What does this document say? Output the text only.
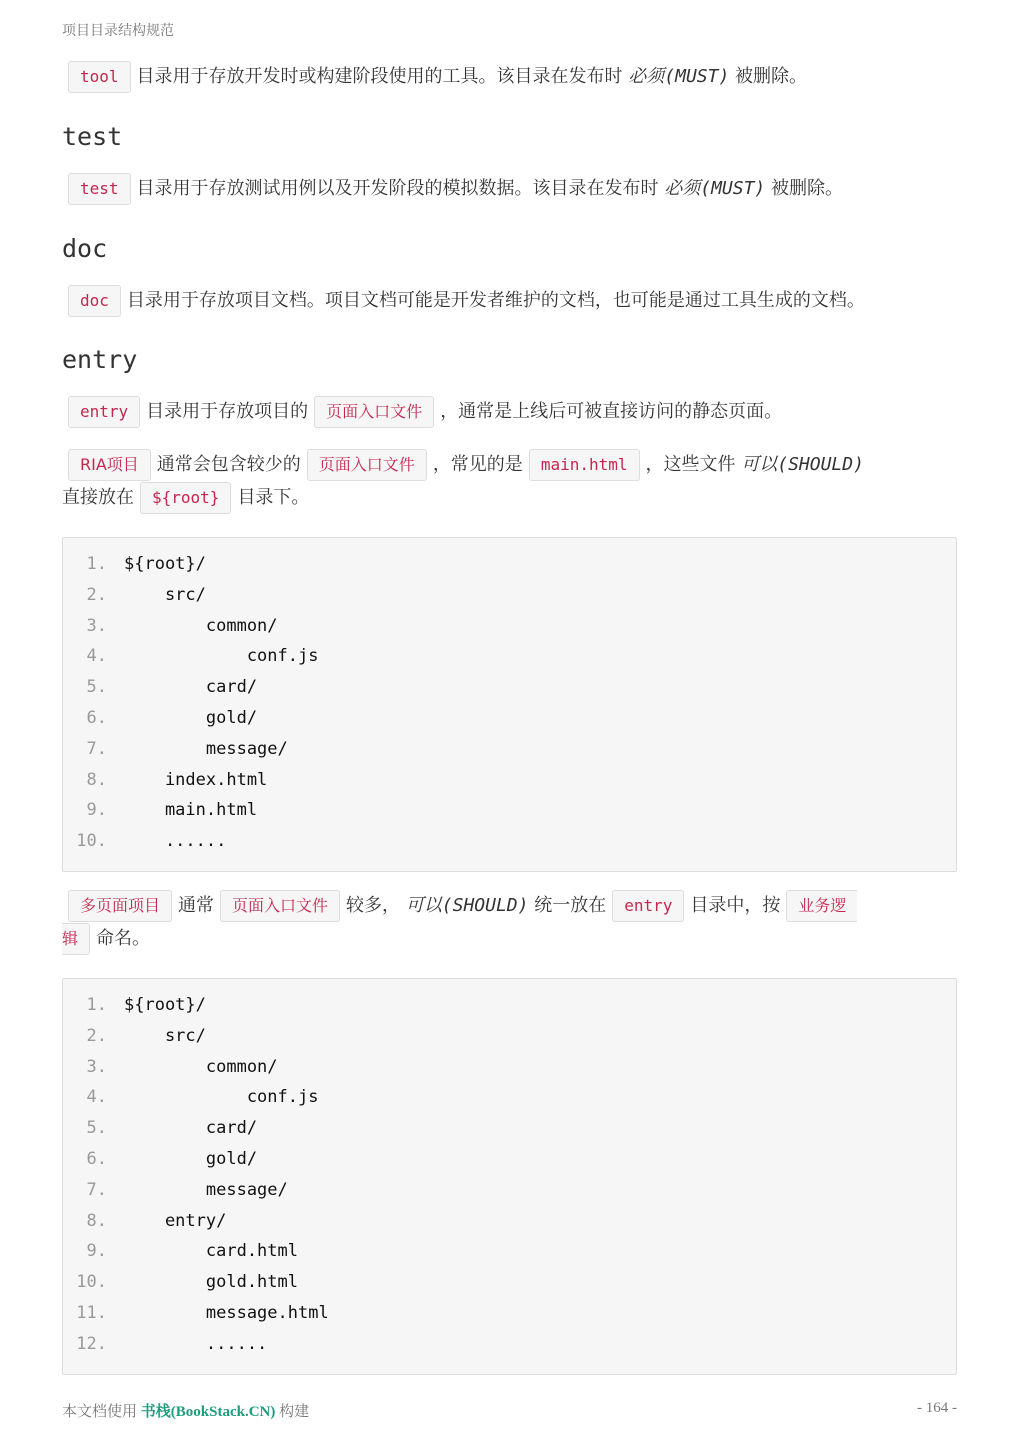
项目目录结构规范
tool 目录用于存放开发时或构建阶段使用的工具。该目录在发布时 必须(MUST) 被删除。
test
test 目录用于存放测试用例以及开发阶段的模拟数据。该目录在发布时 必须(MUST) 被删除。
doc
doc 目录用于存放项目文档。项目文档可能是开发者维护的文档，也可能是通过工具生成的文档。
entry
entry 目录用于存放项目的 页面入口文件 ，通常是上线后可被直接访问的静态页面。
RIA项目 通常会包含较少的 页面入口文件 ，常见的是 main.html ，这些文件 可以(SHOULD)
直接放在 ${root} 目录下。
1. ${root}/
2.    src/
3.        common/
4.            conf.js
5.        card/
6.        gold/
7.        message/
8.    index.html
9.    main.html
10.    ......
多页面项目 通常 页面入口文件 较多， 可以(SHOULD) 统一放在 entry 目录中，按 业务逻
辑 命名。
1. ${root}/
2.    src/
3.        common/
4.            conf.js
5.        card/
6.        gold/
7.        message/
8.    entry/
9.        card.html
10.        gold.html
11.        message.html
12.        ......
本文档使用 书栈(BookStack.CN) 构建	- 164 -
